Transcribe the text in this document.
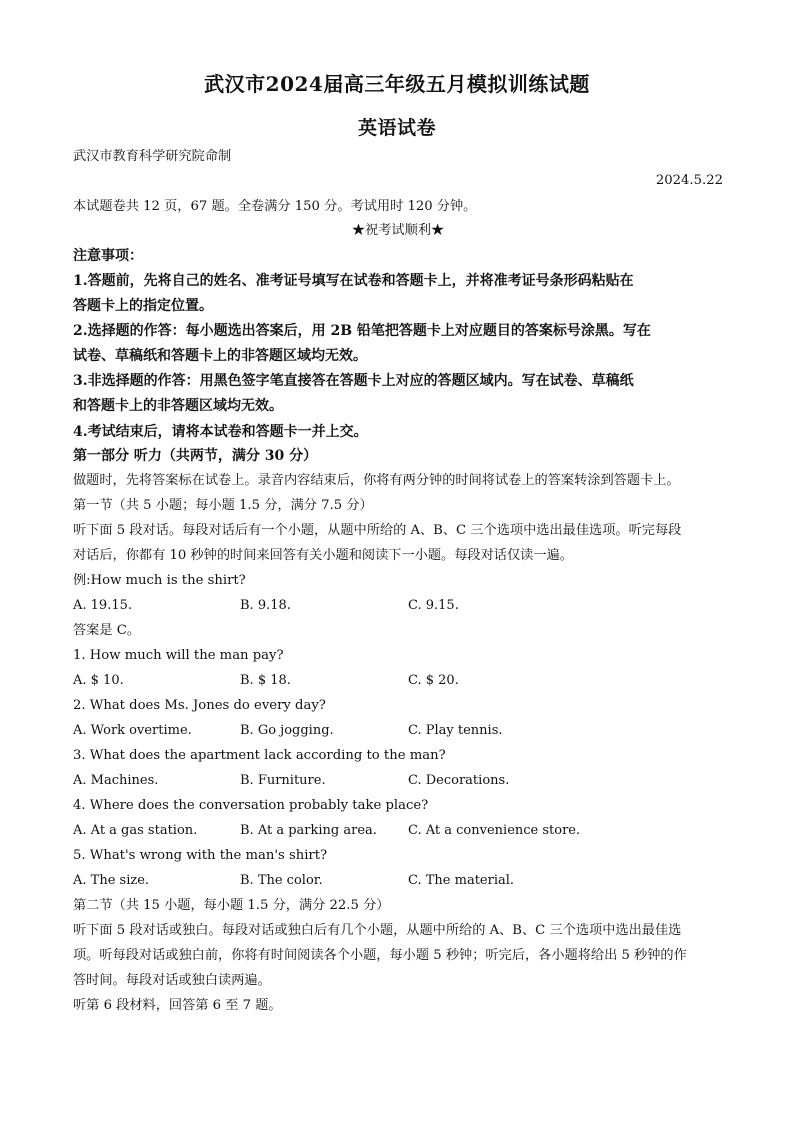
武汉市2024届高三年级五月模拟训练试题
英语试卷
武汉市教育科学研究院命制
2024.5.22
本试题卷共 12 页，67 题。全卷满分 150 分。考试用时 120 分钟。
★祝考试顺利★
注意事项：
1.答题前，先将自己的姓名、准考证号填写在试卷和答题卡上，并将准考证号条形码粘贴在
答题卡上的指定位置。
2.选择题的作答：每小题选出答案后，用 2B 铅笔把答题卡上对应题目的答案标号涂黑。写在
试卷、草稿纸和答题卡上的非答题区域均无效。
3.非选择题的作答：用黑色签字笔直接答在答题卡上对应的答题区域内。写在试卷、草稿纸
和答题卡上的非答题区域均无效。
4.考试结束后，请将本试卷和答题卡一并上交。
第一部分 听力（共两节，满分 30 分）
做题时，先将答案标在试卷上。录音内容结束后，你将有两分钟的时间将试卷上的答案转涂到答题卡上。
第一节（共 5 小题；每小题 1.5 分，满分 7.5 分）
听下面 5 段对话。每段对话后有一个小题，从题中所给的 A、B、C 三个选项中选出最佳选项。听完每段
对话后，你都有 10 秒钟的时间来回答有关小题和阅读下一小题。每段对话仅读一遍。
例:How much is the shirt?
A. 19.15.	B. 9.18.	C. 9.15.
答案是 C。
1. How much will the man pay?
A. $ 10.	B. $ 18.	C. $ 20.
2. What does Ms. Jones do every day?
A. Work overtime.	B. Go jogging.	C. Play tennis.
3. What does the apartment lack according to the man?
A. Machines.	B. Furniture.	C. Decorations.
4. Where does the conversation probably take place?
A. At a gas station.	B. At a parking area. C. At a convenience store.
5. What's wrong with the man's shirt?
A. The size.	B. The color.	C. The material.
第二节（共 15 小题，每小题 1.5 分，满分 22.5 分）
听下面 5 段对话或独白。每段对话或独白后有几个小题，从题中所给的 A、B、C 三个选项中选出最佳选
项。听每段对话或独白前，你将有时间阅读各个小题，每小题 5 秒钟；听完后，各小题将给出 5 秒钟的作
答时间。每段对话或独白读两遍。
听第 6 段材料，回答第 6 至 7 题。
